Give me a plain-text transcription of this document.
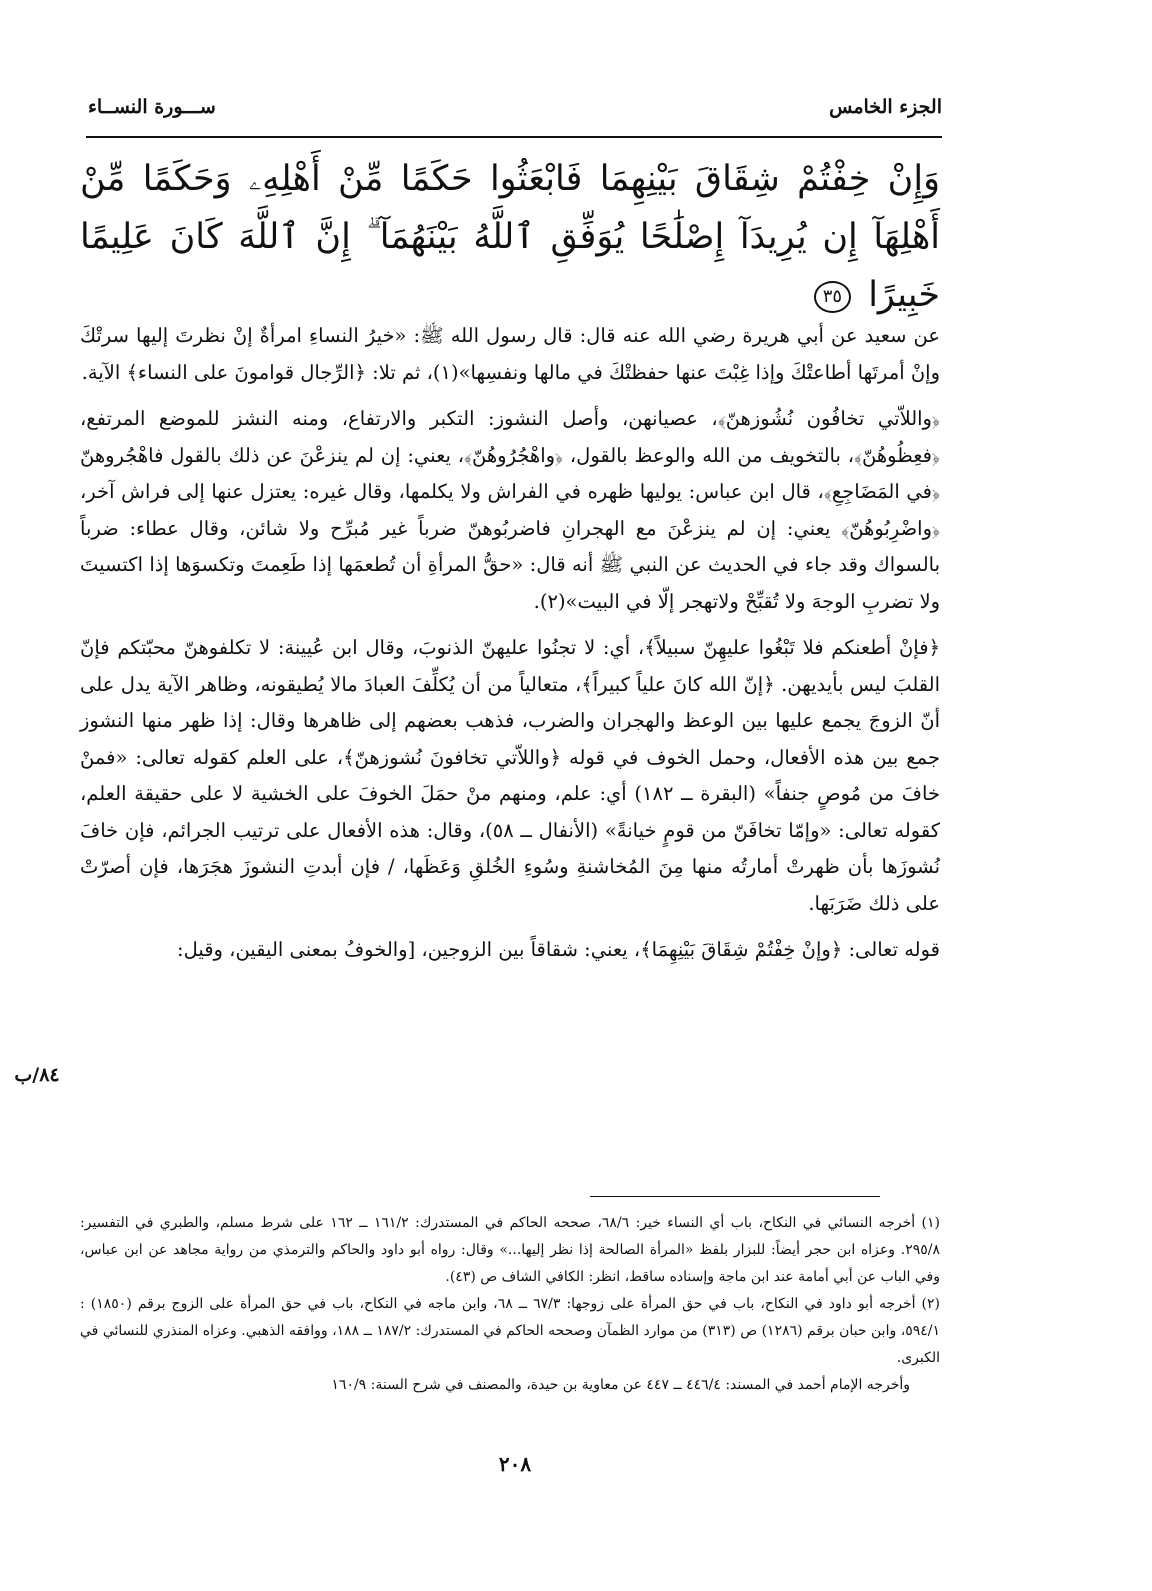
الجزء الخامس
ســـورة النســاء
وَإِنْ خِفْتُمْ شِقَاقَ بَيْنِهِمَا فَابْعَثُوا حَكَمًا مِّنْ أَهْلِهِۦ وَحَكَمًا مِّنْ أَهْلِهَآ إِن يُرِيدَآ إِصْلَٰحًا يُوَفِّقِ ٱللَّهُ بَيْنَهُمَآ ۗ إِنَّ ٱللَّهَ كَانَ عَلِيمًا خَبِيرًا ٣٥

عن سعيد عن أبي هريرة رضي الله عنه قال: قال رسول الله ﷺ: «خيرُ النساءِ امرأةٌ إنْ نظرتَ إليها سرتْكَ وإنْ أمرتَها أطاعتْكَ وإذا غِبْتَ عنها حفظتْكَ في مالها ونفسِها»(١)، ثم تلا: ﴿الرِّجال قوامونَ على النساء﴾ الآية.

﴿واللاّتي تخافُون نُشُوزهنّ﴾، عصيانهن، وأصل النشوز: التكبر والارتفاع، ومنه النشز للموضع المرتفع، ﴿فعِظُوهُنّ﴾، بالتخويف من الله والوعظ بالقول، ﴿واهْجُرُوهُنّ﴾، يعني: إن لم ينزعْنَ عن ذلك بالقول فاهْجُروهنّ ﴿في المَضَاجِعِ﴾، قال ابن عباس: يوليها ظهره في الفراش ولا يكلمها، وقال غيره: يعتزل عنها إلى فراش آخر، ﴿واضْرِبُوهُنّ﴾ يعني: إن لم ينزعْنَ مع الهجرانِ فاضربُوهنّ ضرباً غير مُبرِّح ولا شائن، وقال عطاء: ضرباً بالسواك وقد جاء في الحديث عن النبي ﷺ أنه قال: «حقُّ المرأةِ أن تُطعمَها إذا طَعِمتَ وتكسوَها إذا اكتسيتَ ولا تضربِ الوجهَ ولا تُقبِّحْ ولاتهجر إلّا في البيت»(٢).

﴿فإنْ أطعنكم فلا تَبْغُوا عليهِنّ سبيلاً﴾، أي: لا تجنُوا عليهنّ الذنوبَ، وقال ابن عُيينة: لا تكلفوهنّ محبّتكم فإنّ القلبَ ليس بأيديهن. ﴿إنّ الله كانَ علياً كبيراً﴾، متعالياً من أن يُكلِّفَ العبادَ مالا يُطيقونه، وظاهر الآية يدل على أنّ الزوجَ يجمع عليها بين الوعظ والهجران والضرب، فذهب بعضهم إلى ظاهرها وقال: إذا ظهر منها النشوز جمع بين هذه الأفعال، وحمل الخوف في قوله ﴿واللاّتي تخافونَ نُشوزهنّ﴾، على العلم كقوله تعالى: «فمنْ خافَ من مُوصٍ جنفاً» (البقرة ــ ١٨٢) أي: علم، ومنهم منْ حمَلَ الخوفَ على الخشية لا على حقيقة العلم، كقوله تعالى: «وإمّا تخافَنّ من قومٍ خيانةً» (الأنفال ــ ٥٨)، وقال: هذه الأفعال على ترتيب الجرائم، فإن خافَ نُشوزَها بأن ظهرتْ أمارتُه منها مِنَ المُخاشنةِ وسُوءِ الخُلقِ وَعَظَها، / فإن أبدتِ النشوزَ هجَرَها، فإن أصرّتْ على ذلك ضَرَبَها.

قوله تعالى: ﴿وإنْ خِفْتُمْ شِقَاقَ بَيْنِهِمَا﴾، يعني: شقاقاً بين الزوجين، [والخوفُ بمعنى اليقين، وقيل:

٨٤/ب

(١) أخرجه النسائي في النكاح، باب أي النساء خير: ٦٨/٦، صححه الحاكم في المستدرك: ١٦١/٢ ــ ١٦٢ على شرط مسلم، والطبري في التفسير: ٢٩٥/٨. وعزاه ابن حجر أيضاً: للبزار بلفظ «المرأة الصالحة إذا نظر إليها...» وقال: رواه أبو داود والحاكم والترمذي من رواية مجاهد عن ابن عباس، وفي الباب عن أبي أمامة عند ابن ماجة وإسناده ساقط، انظر: الكافي الشاف ص (٤٣).

(٢) أخرجه أبو داود في النكاح، باب في حق المرأة على زوجها: ٦٧/٣ ــ ٦٨، وابن ماجه في النكاح، باب في حق المرأة على الزوج برقم (١٨٥٠) : ٥٩٤/١، وابن حبان برقم (١٢٨٦) ص (٣١٣) من موارد الظمآن وصححه الحاكم في المستدرك: ١٨٧/٢ ــ ١٨٨، ووافقه الذهبي. وعزاه المنذري للنسائي في الكبرى.

وأخرجه الإمام أحمد في المسند: ٤٤٦/٤ ــ ٤٤٧ عن معاوية بن حيدة، والمصنف في شرح السنة: ١٦٠/٩

٢٠٨
